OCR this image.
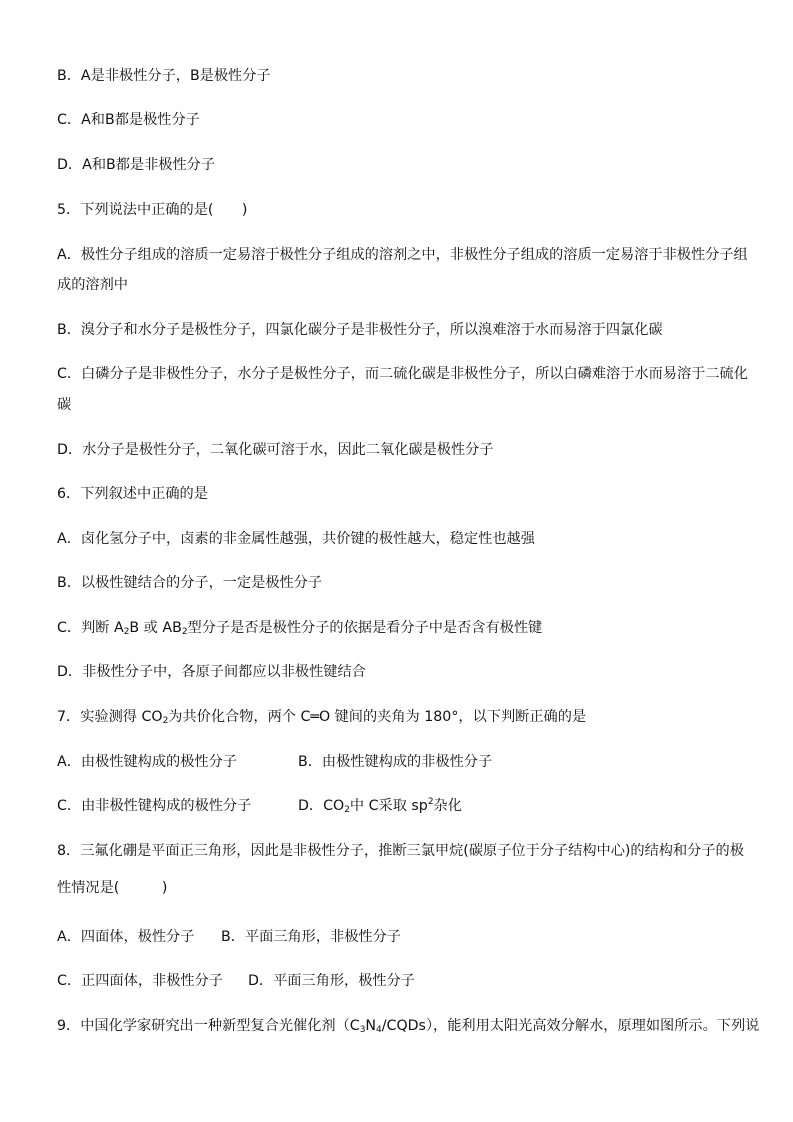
B．A是非极性分子，B是极性分子
C．A和B都是极性分子
D．A和B都是非极性分子
5．下列说法中正确的是(　　)
A．极性分子组成的溶质一定易溶于极性分子组成的溶剂之中，非极性分子组成的溶质一定易溶于非极性分子组
成的溶剂中
B．溴分子和水分子是极性分子，四氯化碳分子是非极性分子，所以溴难溶于水而易溶于四氯化碳
C．白磷分子是非极性分子，水分子是极性分子，而二硫化碳是非极性分子，所以白磷难溶于水而易溶于二硫化
碳
D．水分子是极性分子，二氧化碳可溶于水，因此二氧化碳是极性分子
6．下列叙述中正确的是
A．卤化氢分子中，卤素的非金属性越强，共价键的极性越大，稳定性也越强
B．以极性键结合的分子，一定是极性分子
C．判断 $A_2B$ 或 $AB_2$型分子是否是极性分子的依据是看分子中是否含有极性键
D．非极性分子中，各原子间都应以非极性键结合
7．实验测得 $CO_2$为共价化合物，两个 C═O 键间的夹角为 180°，以下判断正确的是
A．由极性键构成的极性分子	B．由极性键构成的非极性分子
C．由非极性键构成的极性分子	D．$CO_2$中 C采取 $sp^2$杂化
8．三氟化硼是平面正三角形，因此是非极性分子，推断三氯甲烷(碳原子位于分子结构中心)的结构和分子的极
性情况是(　　　)
A．四面体，极性分子 B．平面三角形，非极性分子
C．正四面体，非极性分子 D．平面三角形，极性分子
9．中国化学家研究出一种新型复合光催化剂$(C_3N_4/CQDs)$，能利用太阳光高效分解水，原理如图所示。下列说
